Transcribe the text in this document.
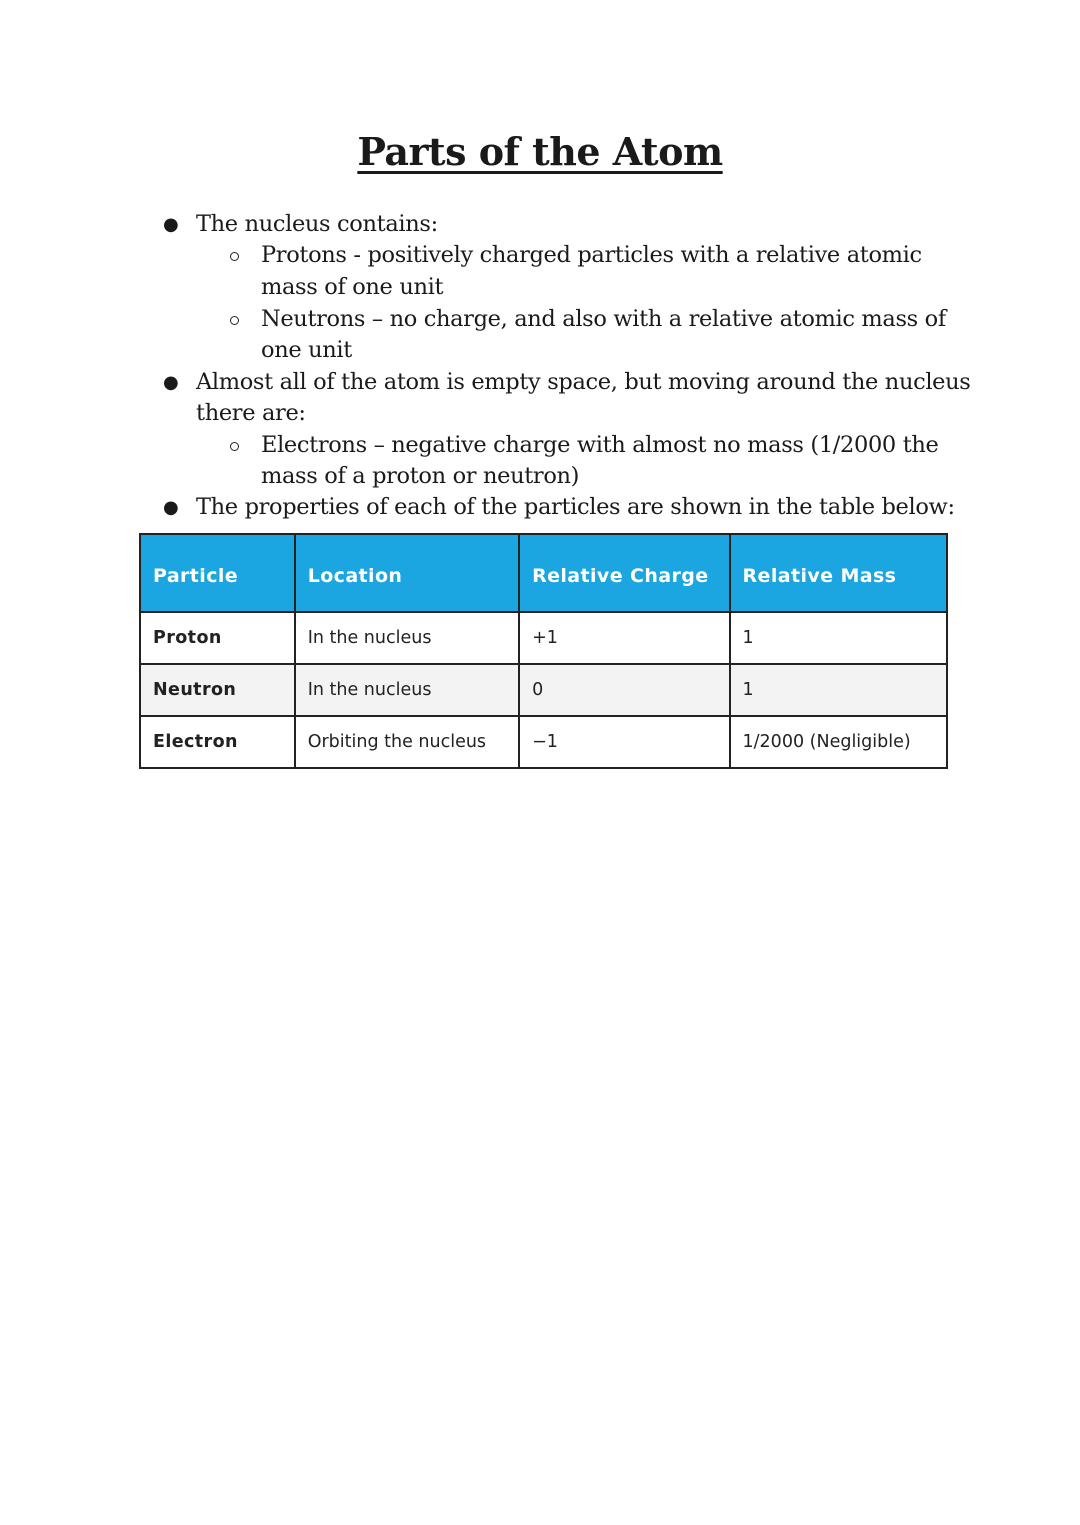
Parts of the Atom
● The nucleus contains:
Protons - positively charged particles with a relative atomic
mass of one unit
Neutrons – no charge, and also with a relative atomic mass of
one unit
● Almost all of the atom is empty space, but moving around the nucleus
there are:
Electrons – negative charge with almost no mass (1/2000 the
mass of a proton or neutron)
● The properties of each of the particles are shown in the table below:
Particle	Location	Relative Charge	Relative Mass
Proton	In the nucleus	+1	1
Neutron	In the nucleus	0	1
Electron	Orbiting the nucleus	−1	1/2000 (Negligible)
